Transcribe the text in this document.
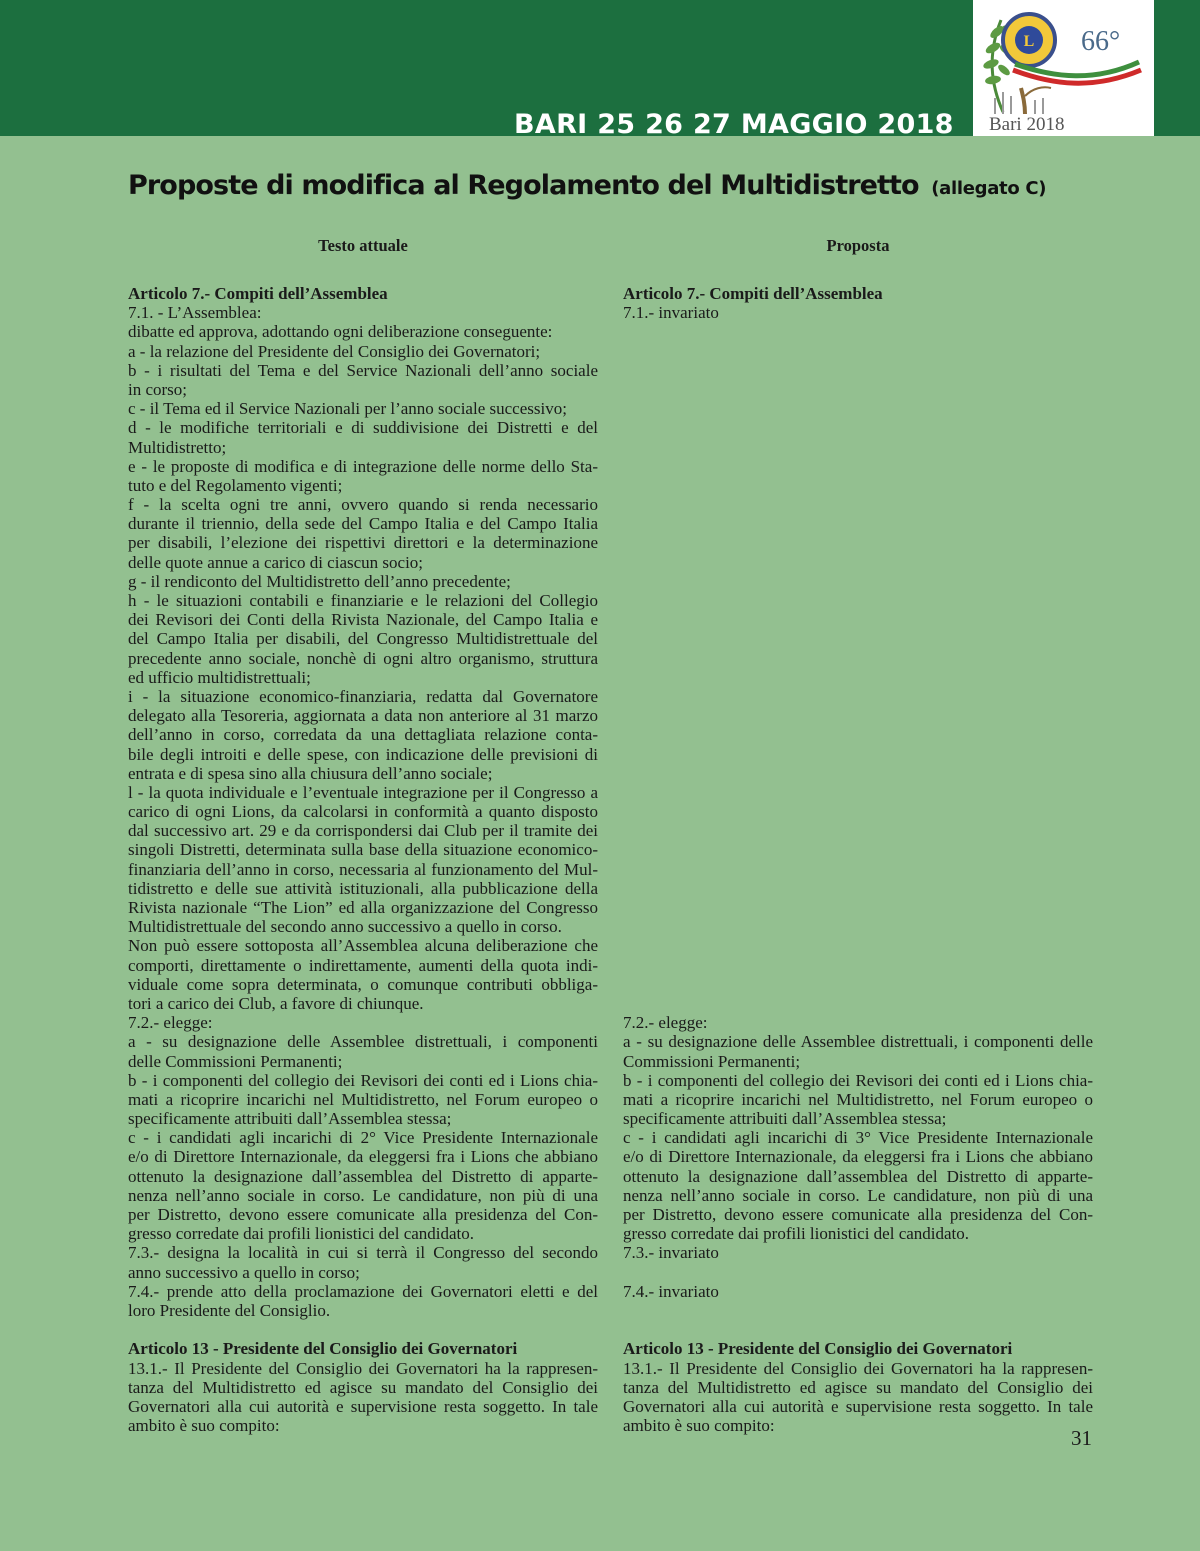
BARI 25 26 27 MAGGIO 2018
L 66°
Bari 2018
Proposte di modifica al Regolamento del Multidistretto (allegato C)
Testo attuale
Articolo 7.- Compiti dell’Assemblea
7.1. - L’Assemblea:
dibatte ed approva, adottando ogni deliberazione conseguente:
a - la relazione del Presidente del Consiglio dei Governatori;
b - i risultati del Tema e del Service Nazionali dell’anno sociale
in corso;
c - il Tema ed il Service Nazionali per l’anno sociale successivo;
d - le modifiche territoriali e di suddivisione dei Distretti e del
Multidistretto;
e - le proposte di modifica e di integrazione delle norme dello Sta-
tuto e del Regolamento vigenti;
f - la scelta ogni tre anni, ovvero quando si renda necessario
durante il triennio, della sede del Campo Italia e del Campo Italia
per disabili, l’elezione dei rispettivi direttori e la determinazione
delle quote annue a carico di ciascun socio;
g - il rendiconto del Multidistretto dell’anno precedente;
h - le situazioni contabili e finanziarie e le relazioni del Collegio
dei Revisori dei Conti della Rivista Nazionale, del Campo Italia e
del Campo Italia per disabili, del Congresso Multidistrettuale del
precedente anno sociale, nonchè di ogni altro organismo, struttura
ed ufficio multidistrettuali;
i - la situazione economico-finanziaria, redatta dal Governatore
delegato alla Tesoreria, aggiornata a data non anteriore al 31 marzo
dell’anno in corso, corredata da una dettagliata relazione conta-
bile degli introiti e delle spese, con indicazione delle previsioni di
entrata e di spesa sino alla chiusura dell’anno sociale;
l - la quota individuale e l’eventuale integrazione per il Congresso a
carico di ogni Lions, da calcolarsi in conformità a quanto disposto
dal successivo art. 29 e da corrispondersi dai Club per il tramite dei
singoli Distretti, determinata sulla base della situazione economico-
finanziaria dell’anno in corso, necessaria al funzionamento del Mul-
tidistretto e delle sue attività istituzionali, alla pubblicazione della
Rivista nazionale “The Lion” ed alla organizzazione del Congresso
Multidistrettuale del secondo anno successivo a quello in corso.
Non può essere sottoposta all’Assemblea alcuna deliberazione che
comporti, direttamente o indirettamente, aumenti della quota indi-
viduale come sopra determinata, o comunque contributi obbliga-
tori a carico dei Club, a favore di chiunque.
7.2.- elegge:
a - su designazione delle Assemblee distrettuali, i componenti
delle Commissioni Permanenti;
b - i componenti del collegio dei Revisori dei conti ed i Lions chia-
mati a ricoprire incarichi nel Multidistretto, nel Forum europeo o
specificamente attribuiti dall’Assemblea stessa;
c - i candidati agli incarichi di 2° Vice Presidente Internazionale
e/o di Direttore Internazionale, da eleggersi fra i Lions che abbiano
ottenuto la designazione dall’assemblea del Distretto di apparte-
nenza nell’anno sociale in corso. Le candidature, non più di una
per Distretto, devono essere comunicate alla presidenza del Con-
gresso corredate dai profili lionistici del candidato.
7.3.- designa la località in cui si terrà il Congresso del secondo
anno successivo a quello in corso;
7.4.- prende atto della proclamazione dei Governatori eletti e del
loro Presidente del Consiglio.
Articolo 13 - Presidente del Consiglio dei Governatori
13.1.- Il Presidente del Consiglio dei Governatori ha la rappresen-
tanza del Multidistretto ed agisce su mandato del Consiglio dei
Governatori alla cui autorità e supervisione resta soggetto. In tale
ambito è suo compito:
Proposta
Articolo 7.- Compiti dell’Assemblea
7.1.- invariato
7.2.- elegge:
a - su designazione delle Assemblee distrettuali, i componenti delle
Commissioni Permanenti;
b - i componenti del collegio dei Revisori dei conti ed i Lions chia-
mati a ricoprire incarichi nel Multidistretto, nel Forum europeo o
specificamente attribuiti dall’Assemblea stessa;
c - i candidati agli incarichi di 3° Vice Presidente Internazionale
e/o di Direttore Internazionale, da eleggersi fra i Lions che abbiano
ottenuto la designazione dall’assemblea del Distretto di apparte-
nenza nell’anno sociale in corso. Le candidature, non più di una
per Distretto, devono essere comunicate alla presidenza del Con-
gresso corredate dai profili lionistici del candidato.
7.3.- invariato
7.4.- invariato
Articolo 13 - Presidente del Consiglio dei Governatori
13.1.- Il Presidente del Consiglio dei Governatori ha la rappresen-
tanza del Multidistretto ed agisce su mandato del Consiglio dei
Governatori alla cui autorità e supervisione resta soggetto. In tale
ambito è suo compito:
31
